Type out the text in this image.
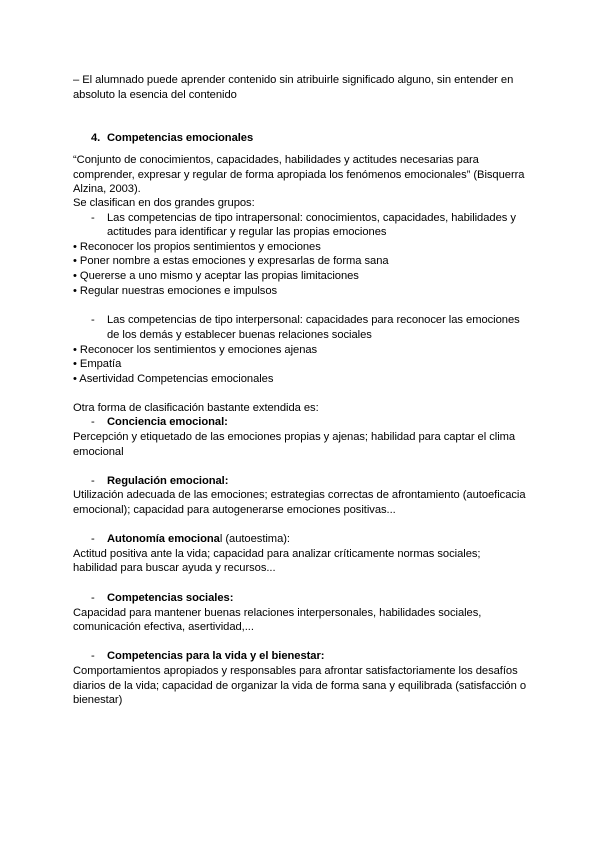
– El alumnado puede aprender contenido sin atribuirle significado alguno, sin entender en
absoluto la esencia del contenido
4. Competencias emocionales
“Conjunto de conocimientos, capacidades, habilidades y actitudes necesarias para
comprender, expresar y regular de forma apropiada los fenómenos emocionales” (Bisquerra
Alzina, 2003).
Se clasifican en dos grandes grupos:
- Las competencias de tipo intrapersonal: conocimientos, capacidades, habilidades y
actitudes para identificar y regular las propias emociones
• Reconocer los propios sentimientos y emociones
• Poner nombre a estas emociones y expresarlas de forma sana
• Quererse a uno mismo y aceptar las propias limitaciones
• Regular nuestras emociones e impulsos
- Las competencias de tipo interpersonal: capacidades para reconocer las emociones
de los demás y establecer buenas relaciones sociales
• Reconocer los sentimientos y emociones ajenas
• Empatía
• Asertividad Competencias emocionales
Otra forma de clasificación bastante extendida es:
- Conciencia emocional:
Percepción y etiquetado de las emociones propias y ajenas; habilidad para captar el clima
emocional
- Regulación emocional:
Utilización adecuada de las emociones; estrategias correctas de afrontamiento (autoeficacia
emocional); capacidad para autogenerarse emociones positivas...
- Autonomía emocional (autoestima):
Actitud positiva ante la vida; capacidad para analizar críticamente normas sociales;
habilidad para buscar ayuda y recursos...
- Competencias sociales:
Capacidad para mantener buenas relaciones interpersonales, habilidades sociales,
comunicación efectiva, asertividad,...
- Competencias para la vida y el bienestar:
Comportamientos apropiados y responsables para afrontar satisfactoriamente los desafíos
diarios de la vida; capacidad de organizar la vida de forma sana y equilibrada (satisfacción o
bienestar)
